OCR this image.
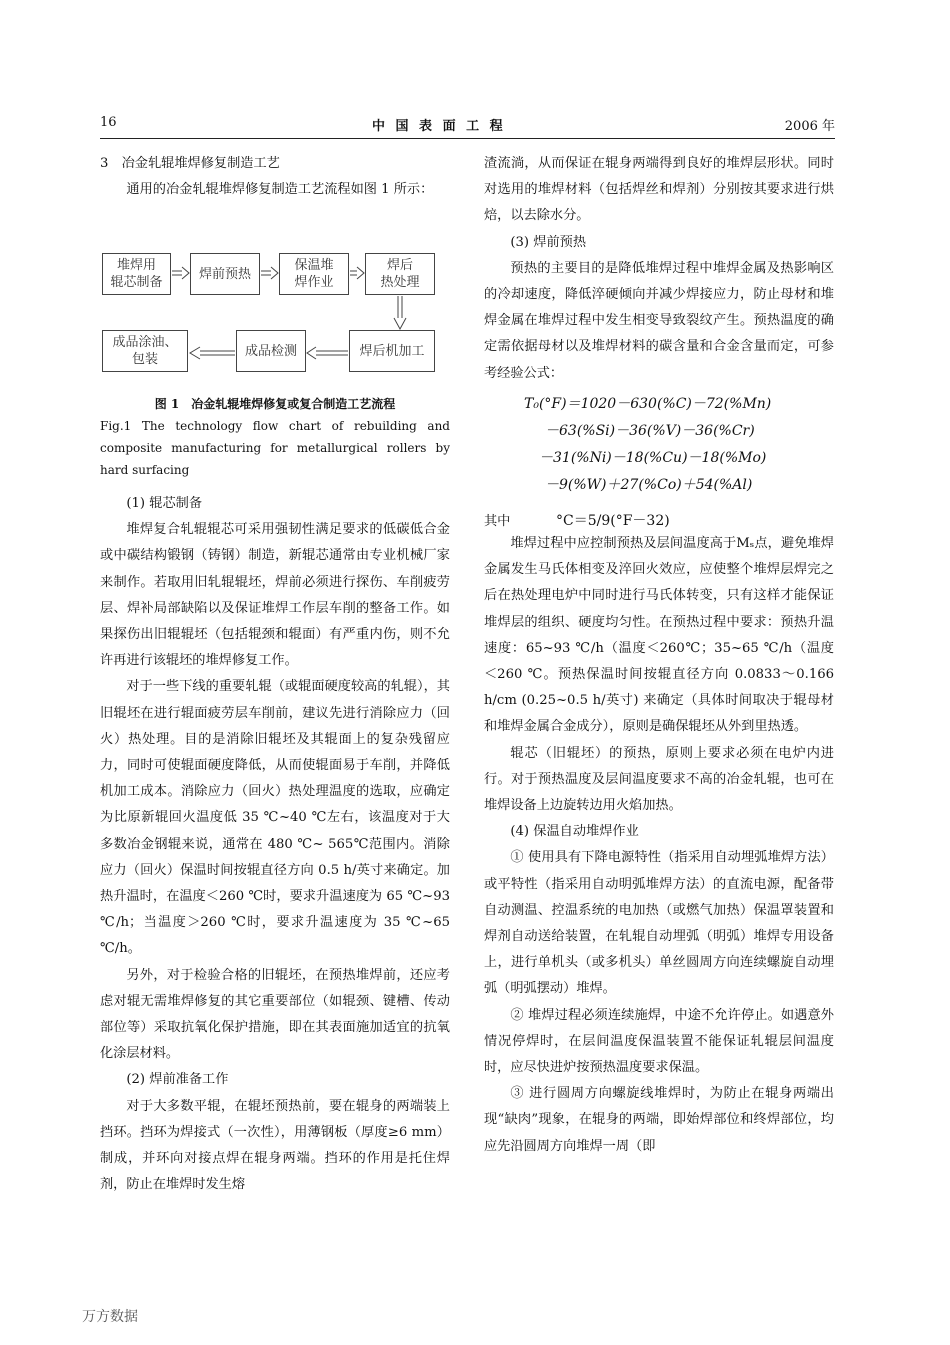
16	中 国 表 面 工 程	2006 年

3　冶金轧辊堆焊修复制造工艺

通用的冶金轧辊堆焊修复制造工艺流程如图 1 所示：

堆焊用
辊芯制备
焊前预热
保温堆
焊作业
焊后
热处理
焊后机加工
成品检测
成品涂油、
包装
图 1　冶金轧辊堆焊修复或复合制造工艺流程
Fig.1 The technology flow chart of rebuilding and composite manufacturing for metallurgical rollers by hard surfacing

(1) 辊芯制备

堆焊复合轧辊辊芯可采用强韧性满足要求的低碳低合金或中碳结构锻钢（铸钢）制造，新辊芯通常由专业机械厂家来制作。若取用旧轧辊辊坯，焊前必须进行探伤、车削疲劳层、焊补局部缺陷以及保证堆焊工作层车削的整备工作。如果探伤出旧辊辊坯（包括辊颈和辊面）有严重内伤，则不允许再进行该辊坯的堆焊修复工作。

对于一些下线的重要轧辊（或辊面硬度较高的轧辊），其旧辊坯在进行辊面疲劳层车削前，建议先进行消除应力（回火）热处理。目的是消除旧辊坯及其辊面上的复杂残留应力，同时可使辊面硬度降低，从而使辊面易于车削，并降低机加工成本。消除应力（回火）热处理温度的选取，应确定为比原新辊回火温度低 35 ℃~40 ℃左右，该温度对于大多数冶金钢辊来说，通常在 480 ℃~ 565℃范围内。消除应力（回火）保温时间按辊直径方向 0.5 h/英寸来确定。加热升温时，在温度＜260 ℃时，要求升温速度为 65 ℃~93 ℃/h；当温度＞260 ℃时，要求升温速度为 35 ℃~65 ℃/h。

另外，对于检验合格的旧辊坯，在预热堆焊前，还应考虑对辊无需堆焊修复的其它重要部位（如辊颈、键槽、传动部位等）采取抗氧化保护措施，即在其表面施加适宜的抗氧化涂层材料。

(2) 焊前准备工作

对于大多数平辊，在辊坯预热前，要在辊身的两端装上挡环。挡环为焊接式（一次性），用薄钢板（厚度≥6 mm）制成，并环向对接点焊在辊身两端。挡环的作用是托住焊剂，防止在堆焊时发生熔

渣流淌，从而保证在辊身两端得到良好的堆焊层形状。同时对选用的堆焊材料（包括焊丝和焊剂）分别按其要求进行烘焙，以去除水分。

(3) 焊前预热

预热的主要目的是降低堆焊过程中堆焊金属及热影响区的冷却速度，降低淬硬倾向并减少焊接应力，防止母材和堆焊金属在堆焊过程中发生相变导致裂纹产生。预热温度的确定需依据母材以及堆焊材料的碳含量和合金含量而定，可参考经验公式：

T₀(°F)＝1020－630(%C)－72(%Mn)
－63(%Si)－36(%V)－36(%Cr)
－31(%Ni)－18(%Cu)－18(%Mo)
－9(%W)＋27(%Co)＋54(%Al)
其中	°C＝5/9(°F－32)

堆焊过程中应控制预热及层间温度高于Mₛ点，避免堆焊金属发生马氏体相变及淬回火效应，应使整个堆焊层焊完之后在热处理电炉中同时进行马氏体转变，只有这样才能保证堆焊层的组织、硬度均匀性。在预热过程中要求：预热升温速度：65~93 ℃/h（温度＜260℃；35~65 ℃/h（温度＜260 ℃。预热保温时间按辊直径方向 0.0833～0.166 h/cm (0.25~0.5 h/英寸) 来确定（具体时间取决于辊母材和堆焊金属合金成分），原则是确保辊坯从外到里热透。

辊芯（旧辊坯）的预热，原则上要求必须在电炉内进行。对于预热温度及层间温度要求不高的冶金轧辊，也可在堆焊设备上边旋转边用火焰加热。

(4) 保温自动堆焊作业

① 使用具有下降电源特性（指采用自动埋弧堆焊方法）或平特性（指采用自动明弧堆焊方法）的直流电源，配备带自动测温、控温系统的电加热（或燃气加热）保温罩装置和焊剂自动送给装置，在轧辊自动埋弧（明弧）堆焊专用设备上，进行单机头（或多机头）单丝圆周方向连续螺旋自动埋弧（明弧摆动）堆焊。

② 堆焊过程必须连续施焊，中途不允许停止。如遇意外情况停焊时，在层间温度保温装置不能保证轧辊层间温度时，应尽快进炉按预热温度要求保温。

③ 进行圆周方向螺旋线堆焊时，为防止在辊身两端出现“缺肉”现象，在辊身的两端，即始焊部位和终焊部位，均应先沿圆周方向堆焊一周（即

万方数据
